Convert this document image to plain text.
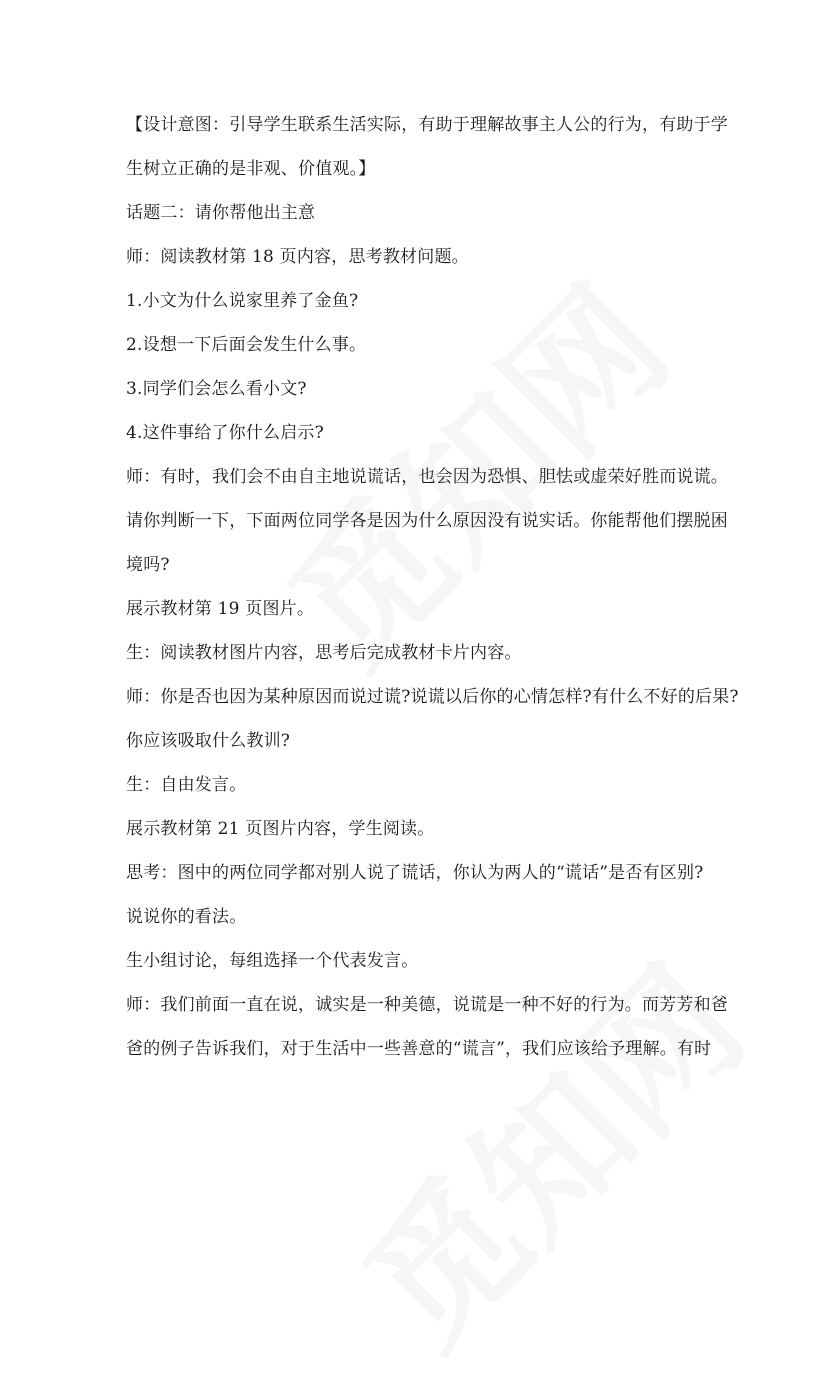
【设计意图：引导学生联系生活实际，有助于理解故事主人公的行为，有助于学
生树立正确的是非观、价值观。】
话题二：请你帮他出主意
师：阅读教材第 18 页内容，思考教材问题。
1.小文为什么说家里养了金鱼?
2.设想一下后面会发生什么事。
3.同学们会怎么看小文?
4.这件事给了你什么启示?
师：有时，我们会不由自主地说谎话，也会因为恐惧、胆怯或虚荣好胜而说谎。
请你判断一下，下面两位同学各是因为什么原因没有说实话。你能帮他们摆脱困
境吗?
展示教材第 19 页图片。
生：阅读教材图片内容，思考后完成教材卡片内容。
师：你是否也因为某种原因而说过谎?说谎以后你的心情怎样?有什么不好的后果?
你应该吸取什么教训?
生：自由发言。
展示教材第 21 页图片内容，学生阅读。
思考：图中的两位同学都对别人说了谎话，你认为两人的“谎话”是否有区别?
说说你的看法。
生小组讨论，每组选择一个代表发言。
师：我们前面一直在说，诚实是一种美德，说谎是一种不好的行为。而芳芳和爸
爸的例子告诉我们，对于生活中一些善意的“谎言”，我们应该给予理解。有时
